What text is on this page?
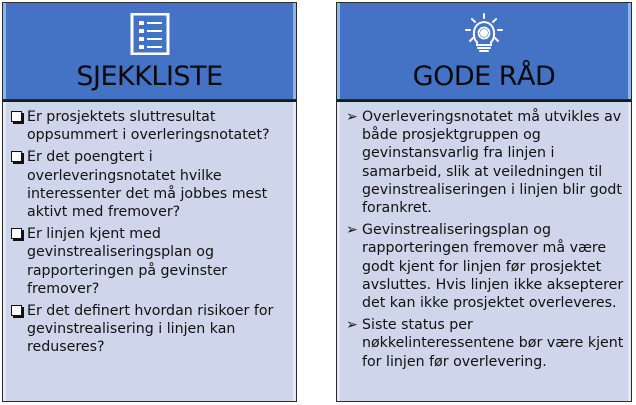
SJEKKLISTE
Er prosjektets sluttresultat oppsummert i overleringsnotatet?
Er det poengtert i overleveringsnotatet hvilke interessenter det må jobbes mest aktivt med fremover?
Er linjen kjent med gevinstrealiseringsplan og rapporteringen på gevinster fremover?
Er det definert hvordan risikoer for gevinstrealisering i linjen kan reduseres?
GODE RÅD
➢ Overleveringsnotatet må utvikles av både prosjektgruppen og gevinstansvarlig fra linjen i samarbeid, slik at veiledningen til gevinstrealiseringen i linjen blir godt forankret.
➢ Gevinstrealiseringsplan og rapporteringen fremover må være godt kjent for linjen før prosjektet avsluttes. Hvis linjen ikke aksepterer det kan ikke prosjektet overleveres.
➢ Siste status per nøkkelinteressentene bør være kjent for linjen før overlevering.
